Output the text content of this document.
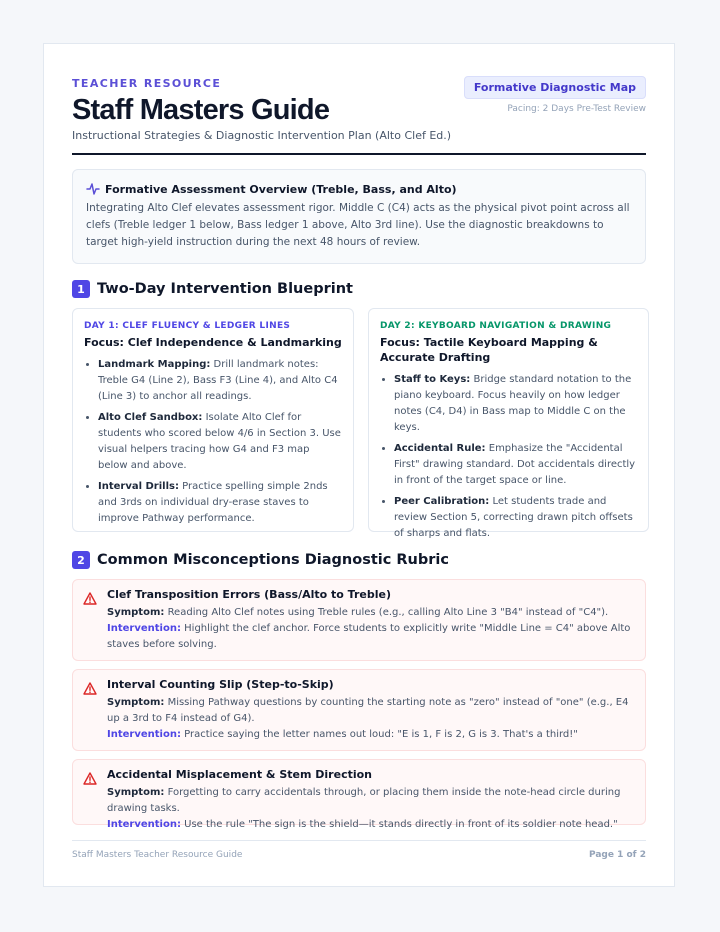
TEACHER RESOURCE
Staff Masters Guide
Instructional Strategies & Diagnostic Intervention Plan (Alto Clef Ed.)
Formative Diagnostic Map
Pacing: 2 Days Pre-Test Review
Formative Assessment Overview (Treble, Bass, and Alto)
Integrating Alto Clef elevates assessment rigor. Middle C (C4) acts as the physical pivot point across all clefs (Treble ledger 1 below, Bass ledger 1 above, Alto 3rd line). Use the diagnostic breakdowns to target high-yield instruction during the next 48 hours of review.
1 Two-Day Intervention Blueprint
DAY 1: CLEF FLUENCY & LEDGER LINES
Focus: Clef Independence & Landmarking
• Landmark Mapping: Drill landmark notes: Treble G4 (Line 2), Bass F3 (Line 4), and Alto C4 (Line 3) to anchor all readings.
• Alto Clef Sandbox: Isolate Alto Clef for students who scored below 4/6 in Section 3. Use visual helpers tracing how G4 and F3 map below and above.
• Interval Drills: Practice spelling simple 2nds and 3rds on individual dry-erase staves to improve Pathway performance.
DAY 2: KEYBOARD NAVIGATION & DRAWING
Focus: Tactile Keyboard Mapping & Accurate Drafting
• Staff to Keys: Bridge standard notation to the piano keyboard. Focus heavily on how ledger notes (C4, D4) in Bass map to Middle C on the keys.
• Accidental Rule: Emphasize the "Accidental First" drawing standard. Dot accidentals directly in front of the target space or line.
• Peer Calibration: Let students trade and review Section 5, correcting drawn pitch offsets of sharps and flats.
2 Common Misconceptions Diagnostic Rubric
Clef Transposition Errors (Bass/Alto to Treble)
Symptom: Reading Alto Clef notes using Treble rules (e.g., calling Alto Line 3 "B4" instead of "C4").
Intervention: Highlight the clef anchor. Force students to explicitly write "Middle Line = C4" above Alto staves before solving.
Interval Counting Slip (Step-to-Skip)
Symptom: Missing Pathway questions by counting the starting note as "zero" instead of "one" (e.g., E4 up a 3rd to F4 instead of G4).
Intervention: Practice saying the letter names out loud: "E is 1, F is 2, G is 3. That's a third!"
Accidental Misplacement & Stem Direction
Symptom: Forgetting to carry accidentals through, or placing them inside the note-head circle during drawing tasks.
Intervention: Use the rule "The sign is the shield—it stands directly in front of its soldier note head."
Staff Masters Teacher Resource Guide	Page 1 of 2
